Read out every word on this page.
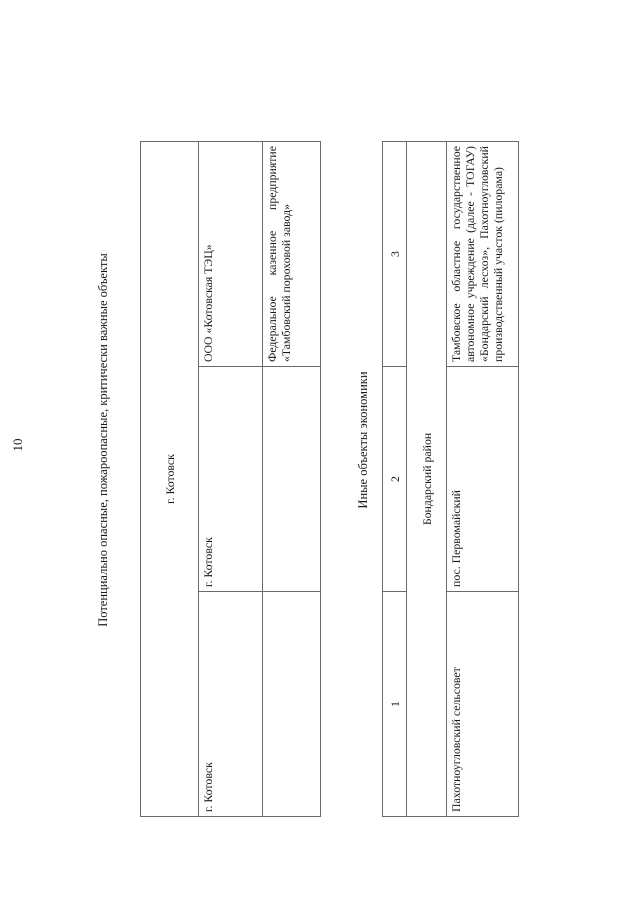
10	Потенциально опасные, пожароопасные, критически важные объекты	г. Котовск		
г. Котовск	г. Котовск	ООО «Котовская ТЭЦ»
		Федеральное казенное предприятие «Тамбовский пороховой завод»
Иные объекты экономики
1	2	3
Бондарский район		
Пахотноугловский сельсовет	пос. Первомайский	Тамбовское областное государственное автономное учреждение (далее - ТОГАУ) «Бондарский лесхоз», Пахотноугловский производственный участок (пилорама)
